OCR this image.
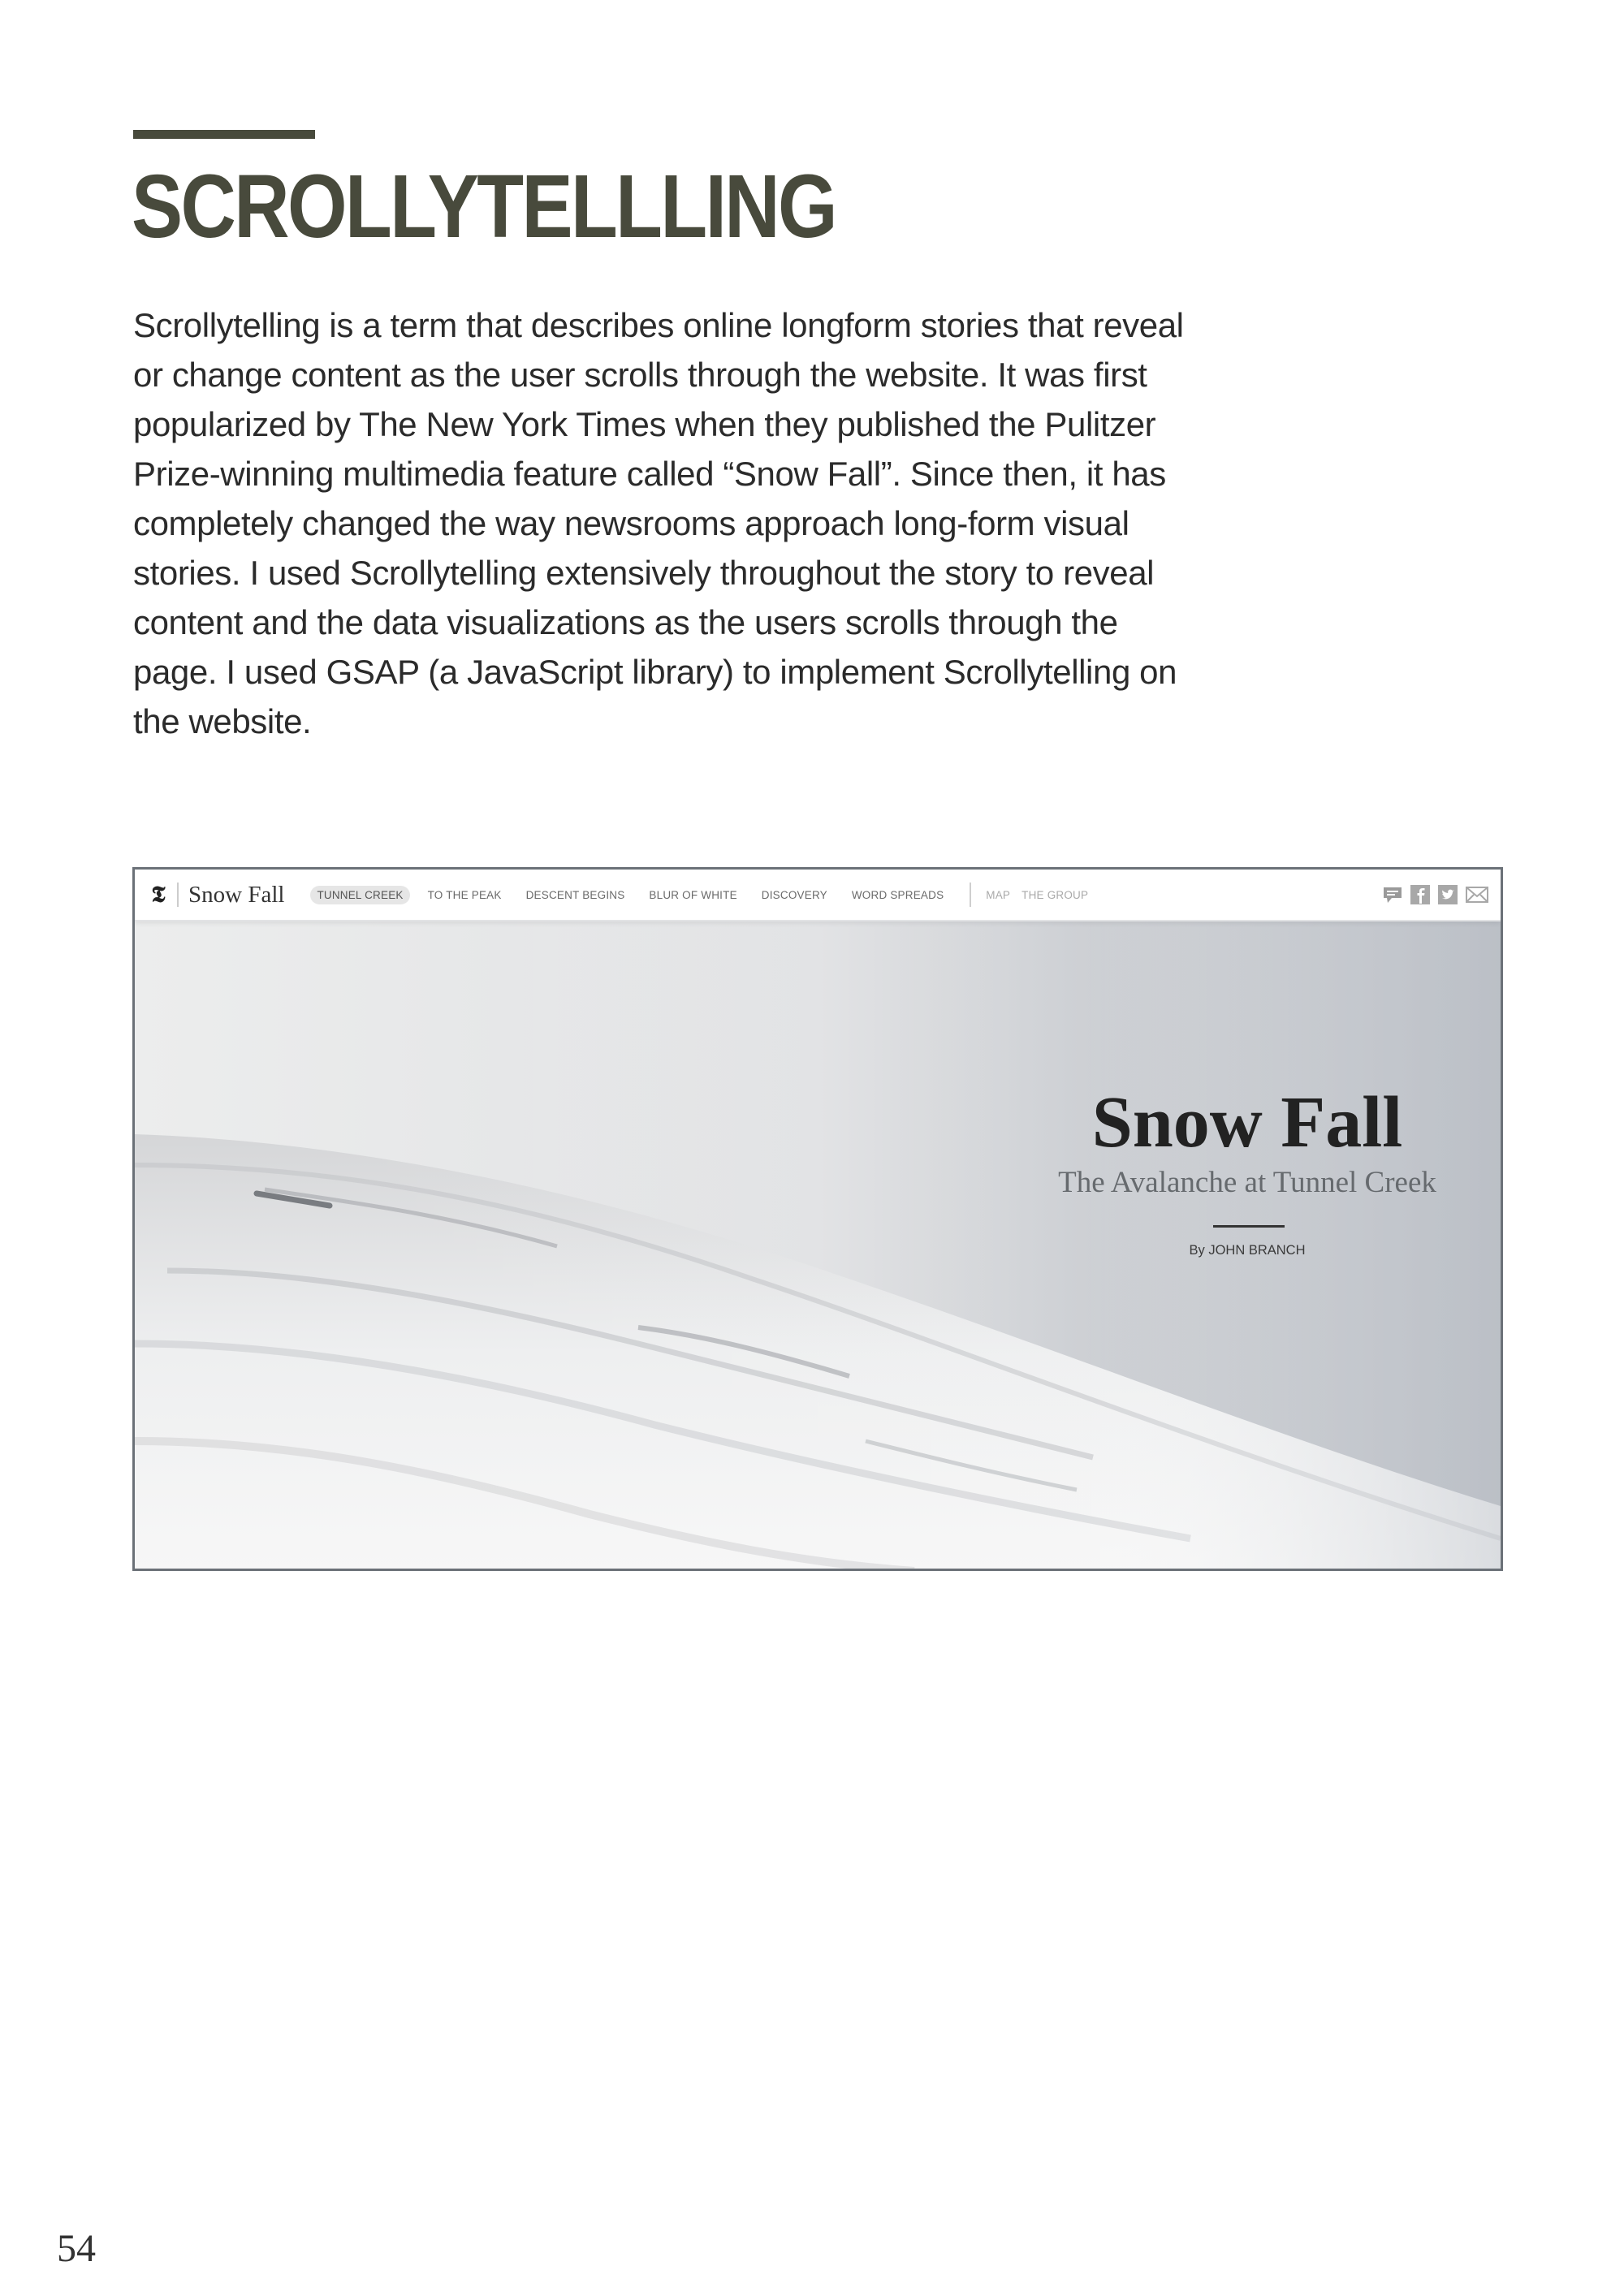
SCROLLYTELLLING

Scrollytelling is a term that describes online longform stories that reveal
or change content as the user scrolls through the website. It was first
popularized by The New York Times when they published the Pulitzer
Prize-winning multimedia feature called “Snow Fall”. Since then, it has
completely changed the way newsrooms approach long-form visual
stories. I used Scrollytelling extensively throughout the story to reveal
content and the data visualizations as the users scrolls through the
page. I used GSAP (a JavaScript library) to implement Scrollytelling on
the website.

𝕿 Snow Fall	TUNNEL CREEK	TO THE PEAK DESCENT BEGINS BLUR OF WHITE DISCOVERY WORD SPREADS	MAP THE GROUP
Snow Fall
The Avalanche at Tunnel Creek
By JOHN BRANCH

54
